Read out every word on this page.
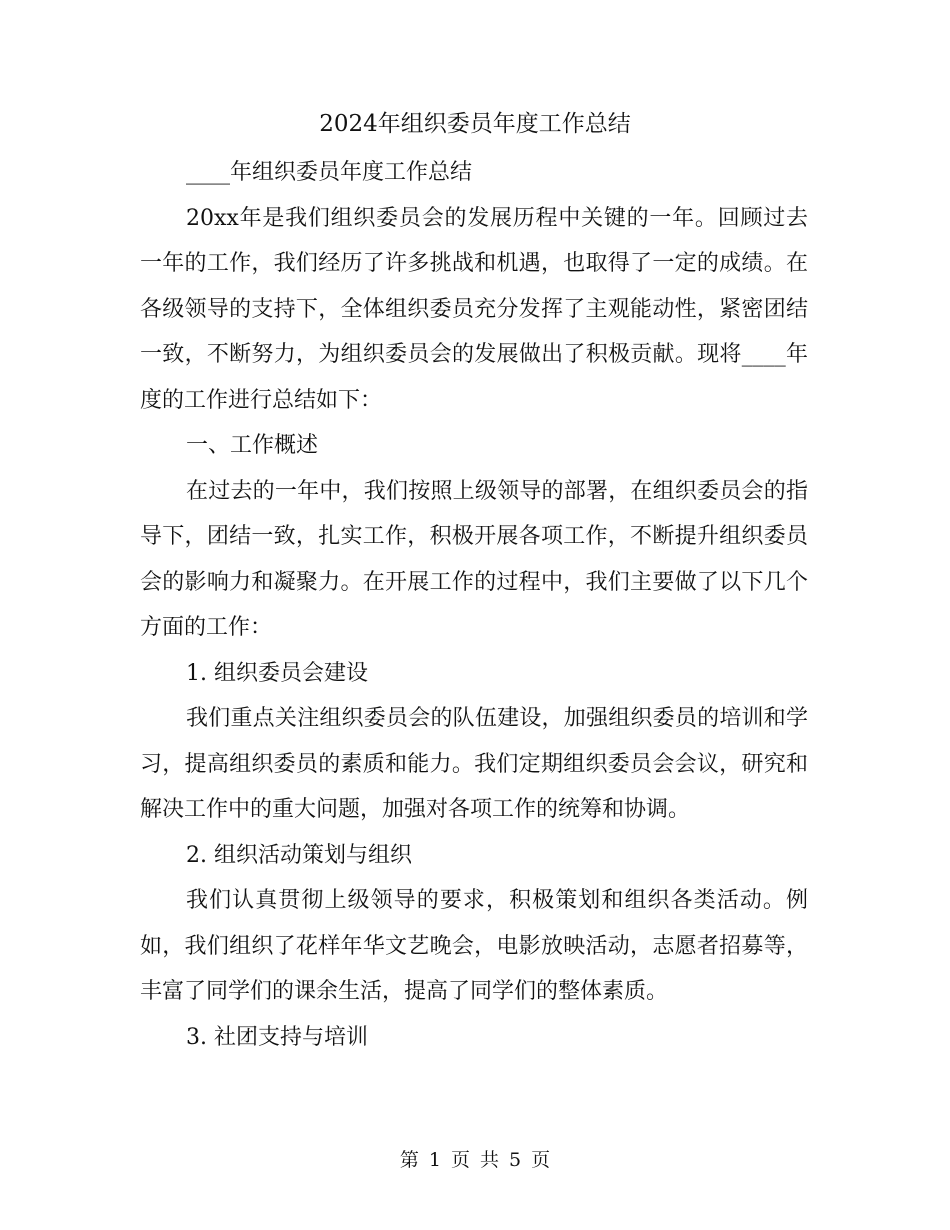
2024年组织委员年度工作总结

____年组织委员年度工作总结

20xx年是我们组织委员会的发展历程中关键的一年。回顾过去一年的工作，我们经历了许多挑战和机遇，也取得了一定的成绩。在各级领导的支持下，全体组织委员充分发挥了主观能动性，紧密团结一致，不断努力，为组织委员会的发展做出了积极贡献。现将____年度的工作进行总结如下：

一、工作概述

在过去的一年中，我们按照上级领导的部署，在组织委员会的指导下，团结一致，扎实工作，积极开展各项工作，不断提升组织委员会的影响力和凝聚力。在开展工作的过程中，我们主要做了以下几个方面的工作：

1. 组织委员会建设

我们重点关注组织委员会的队伍建设，加强组织委员的培训和学习，提高组织委员的素质和能力。我们定期组织委员会会议，研究和解决工作中的重大问题，加强对各项工作的统筹和协调。

2. 组织活动策划与组织

我们认真贯彻上级领导的要求，积极策划和组织各类活动。例如，我们组织了花样年华文艺晚会，电影放映活动，志愿者招募等，丰富了同学们的课余生活，提高了同学们的整体素质。

3. 社团支持与培训

第 1 页 共 5 页
